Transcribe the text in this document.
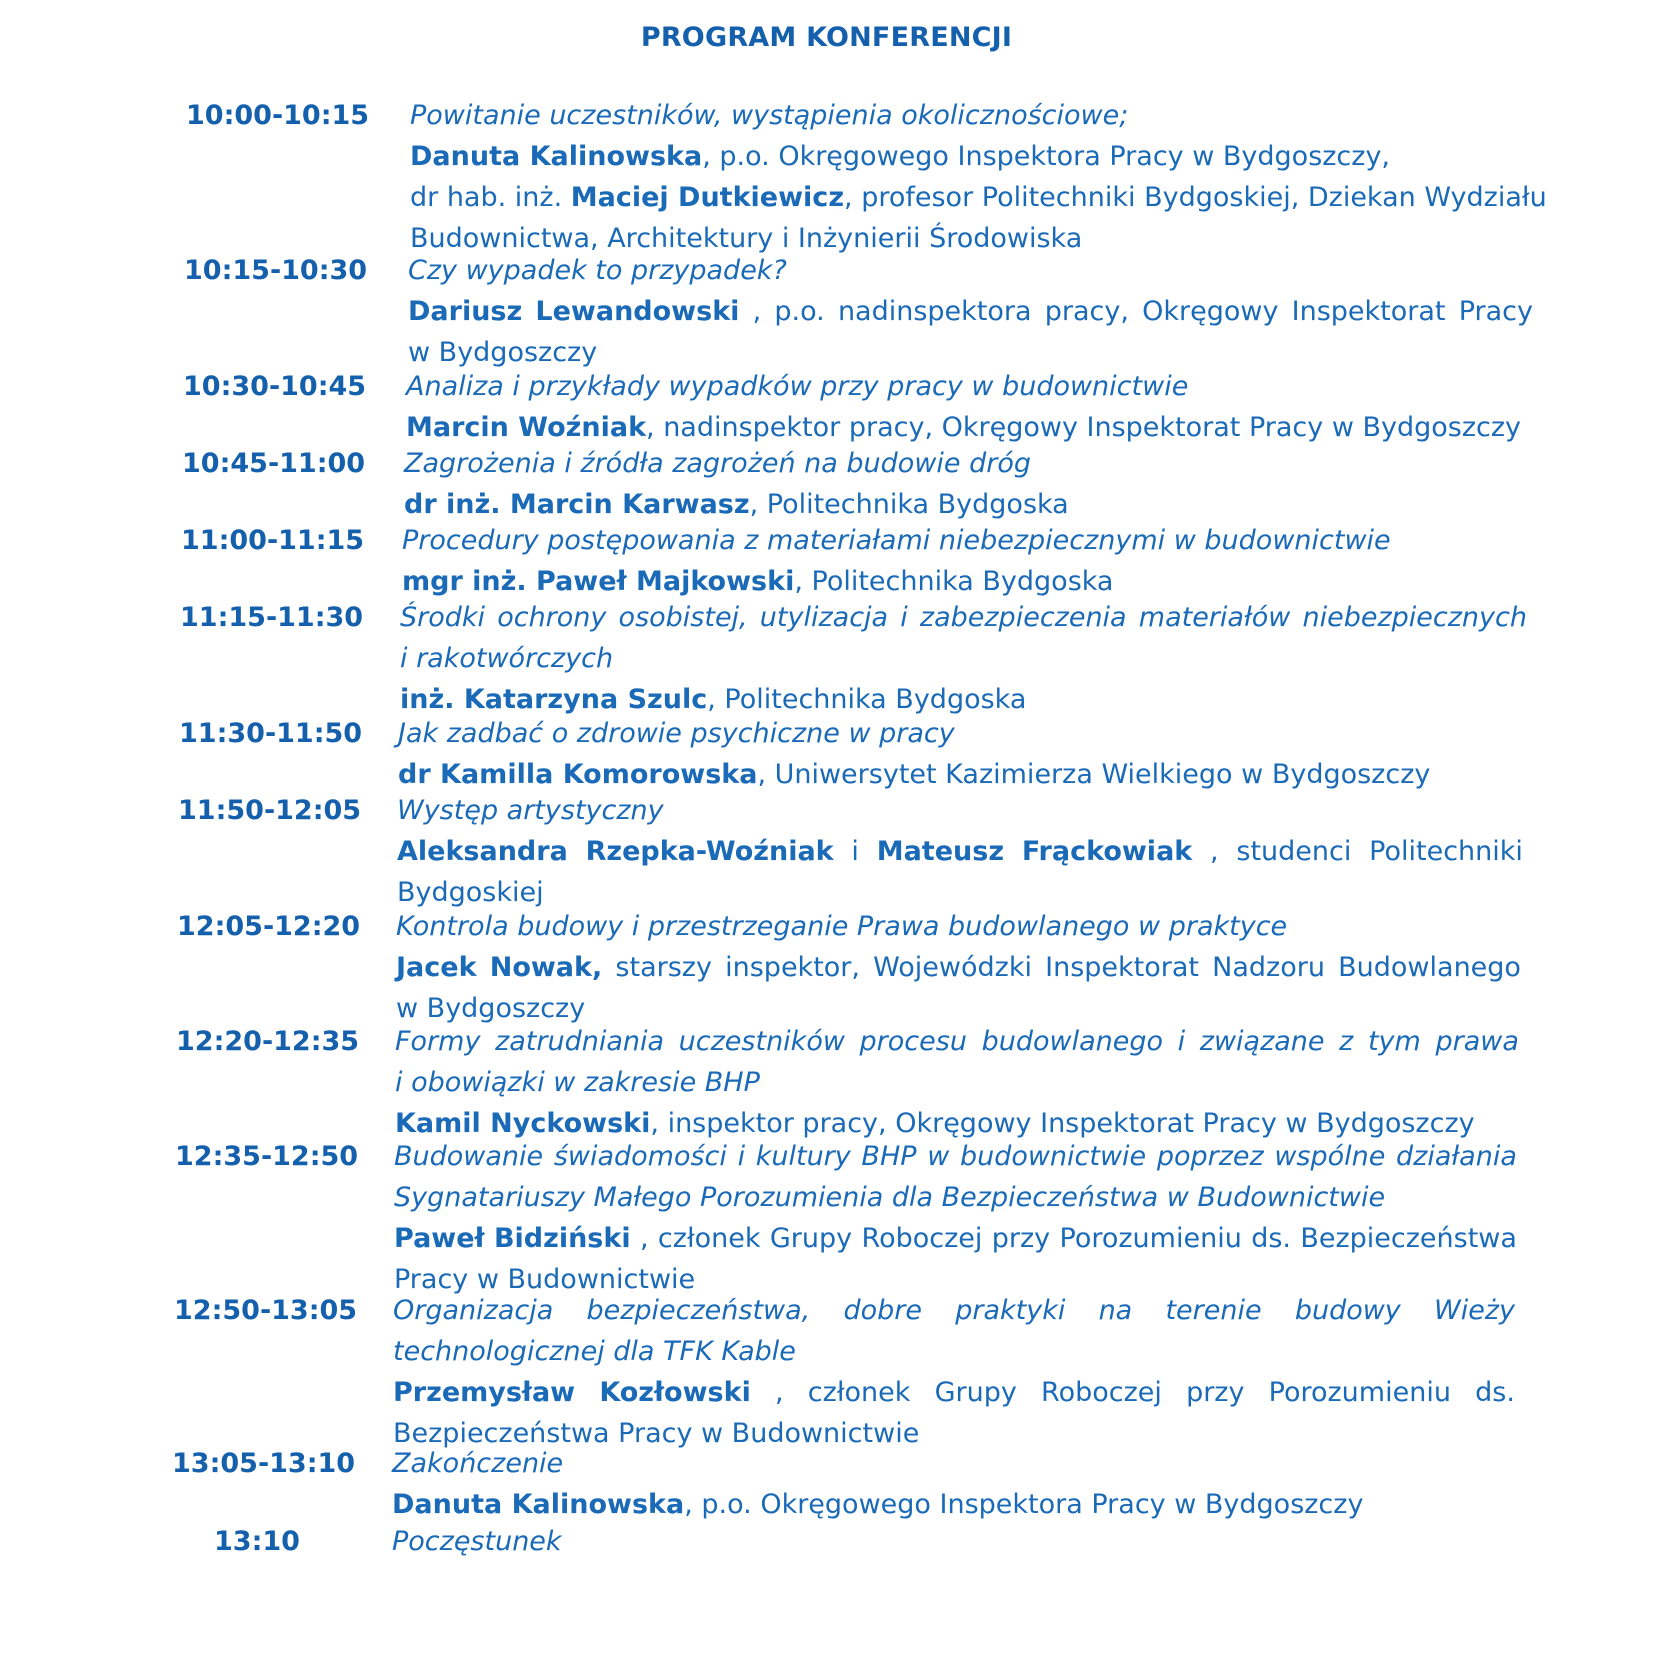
PROGRAM KONFERENCJI
10:00-10:15	Powitanie uczestników, wystąpienia okolicznościowe;
Danuta Kalinowska, p.o. Okręgowego Inspektora Pracy w Bydgoszczy,
dr hab. inż. Maciej Dutkiewicz, profesor Politechniki Bydgoskiej, Dziekan Wydziału
Budownictwa, Architektury i Inżynierii Środowiska
10:15-10:30	Czy wypadek to przypadek?
Dariusz Lewandowski , p.o. nadinspektora pracy, Okręgowy Inspektorat Pracy
w Bydgoszczy
10:30-10:45	Analiza i przykłady wypadków przy pracy w budownictwie
Marcin Woźniak, nadinspektor pracy, Okręgowy Inspektorat Pracy w Bydgoszczy
10:45-11:00	Zagrożenia i źródła zagrożeń na budowie dróg
dr inż. Marcin Karwasz, Politechnika Bydgoska
11:00-11:15	Procedury postępowania z materiałami niebezpiecznymi w budownictwie
mgr inż. Paweł Majkowski, Politechnika Bydgoska
11:15-11:30	Środki ochrony osobistej, utylizacja i zabezpieczenia materiałów niebezpiecznych
i rakotwórczych
inż. Katarzyna Szulc, Politechnika Bydgoska
11:30-11:50	Jak zadbać o zdrowie psychiczne w pracy
dr Kamilla Komorowska, Uniwersytet Kazimierza Wielkiego w Bydgoszczy
11:50-12:05	Występ artystyczny
Aleksandra Rzepka-Woźniak i Mateusz Frąckowiak , studenci Politechniki
Bydgoskiej
12:05-12:20	Kontrola budowy i przestrzeganie Prawa budowlanego w praktyce
Jacek Nowak, starszy inspektor, Wojewódzki Inspektorat Nadzoru Budowlanego
w Bydgoszczy
12:20-12:35	Formy zatrudniania uczestników procesu budowlanego i związane z tym prawa
i obowiązki w zakresie BHP
Kamil Nyckowski, inspektor pracy, Okręgowy Inspektorat Pracy w Bydgoszczy
12:35-12:50	Budowanie świadomości i kultury BHP w budownictwie poprzez wspólne działania
Sygnatariuszy Małego Porozumienia dla Bezpieczeństwa w Budownictwie
Paweł Bidziński , członek Grupy Roboczej przy Porozumieniu ds. Bezpieczeństwa
Pracy w Budownictwie
12:50-13:05	Organizacja bezpieczeństwa, dobre praktyki na terenie budowy Wieży
technologicznej dla TFK Kable
Przemysław Kozłowski , członek Grupy Roboczej przy Porozumieniu ds.
Bezpieczeństwa Pracy w Budownictwie
13:05-13:10	Zakończenie
Danuta Kalinowska, p.o. Okręgowego Inspektora Pracy w Bydgoszczy
13:10	Poczęstunek
